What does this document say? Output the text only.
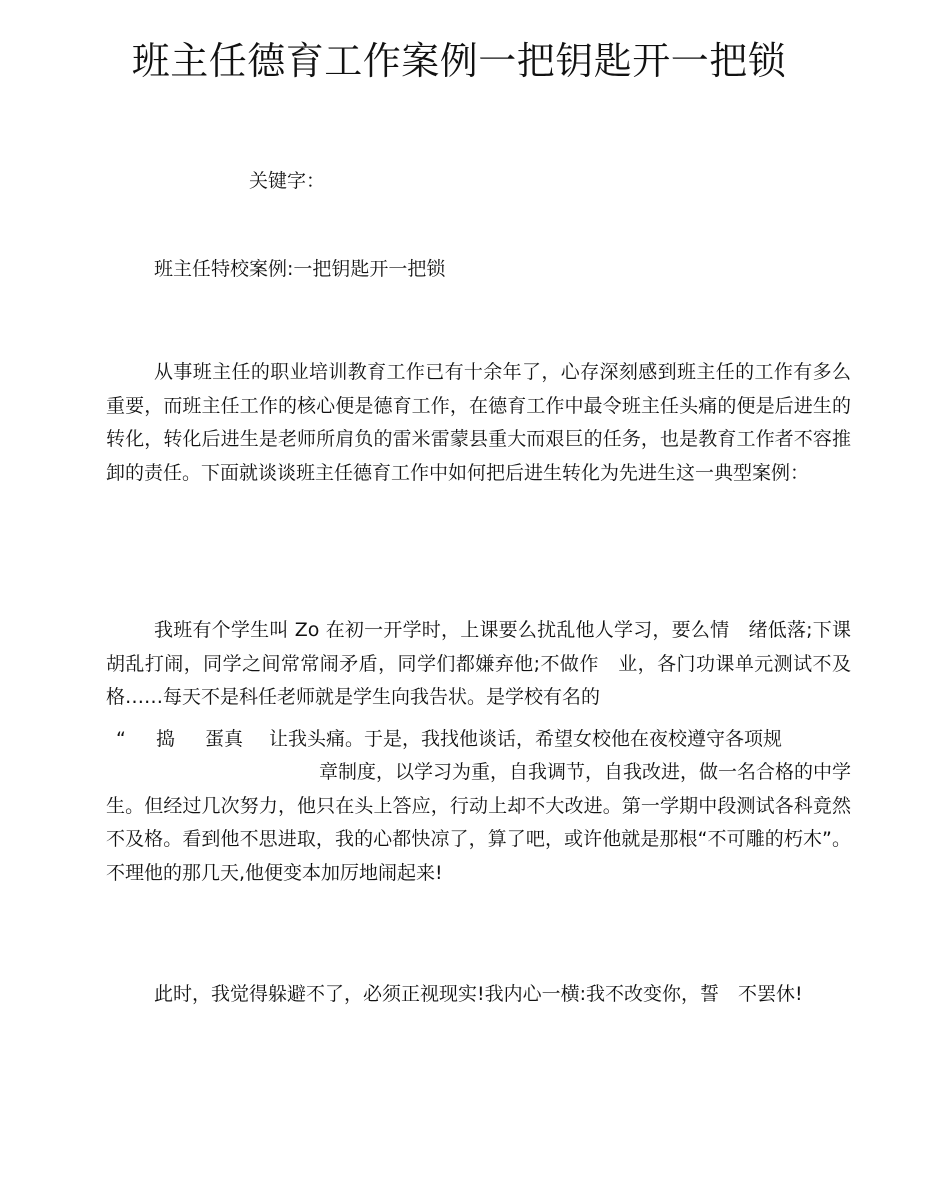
班主任德育工作案例一把钥匙开一把锁
关键字：
班主任特校案例:一把钥匙开一把锁

从事班主任的职业培训教育工作已有十余年了，心存深刻感到班主任的工作有多么重要，而班主任工作的核心便是德育工作，在德育工作中最令班主任头痛的便是后进生的转化，转化后进生是老师所肩负的雷米雷蒙县重大而艰巨的任务，也是教育工作者不容推卸的责任。下面就谈谈班主任德育工作中如何把后进生转化为先进生这一典型案例：

我班有个学生叫 Zo 在初一开学时，上课要么扰乱他人学习，要么情　绪低落;下课胡乱打闹，同学之间常常闹矛盾，同学们都嫌弃他;不做作　业，各门功课单元测试不及格……每天不是科任老师就是学生向我告状。是学校有名的

“ 捣 蛋真 让我头痛。于是，我找他谈话，希望女校他在夜校遵守各项规

章制度，以学习为重，自我调节，自我改进，做一名合格的中学
生。但经过几次努力，他只在头上答应，行动上却不大改进。第一学期中段测试各科竟然不及格。看到他不思进取，我的心都快凉了，算了吧，或许他就是那根“不可雕的朽木”。不理他的那几天,他便变本加厉地闹起来!

此时，我觉得躲避不了，必须正视现实!我内心一横:我不改变你，誓　不罢休!
